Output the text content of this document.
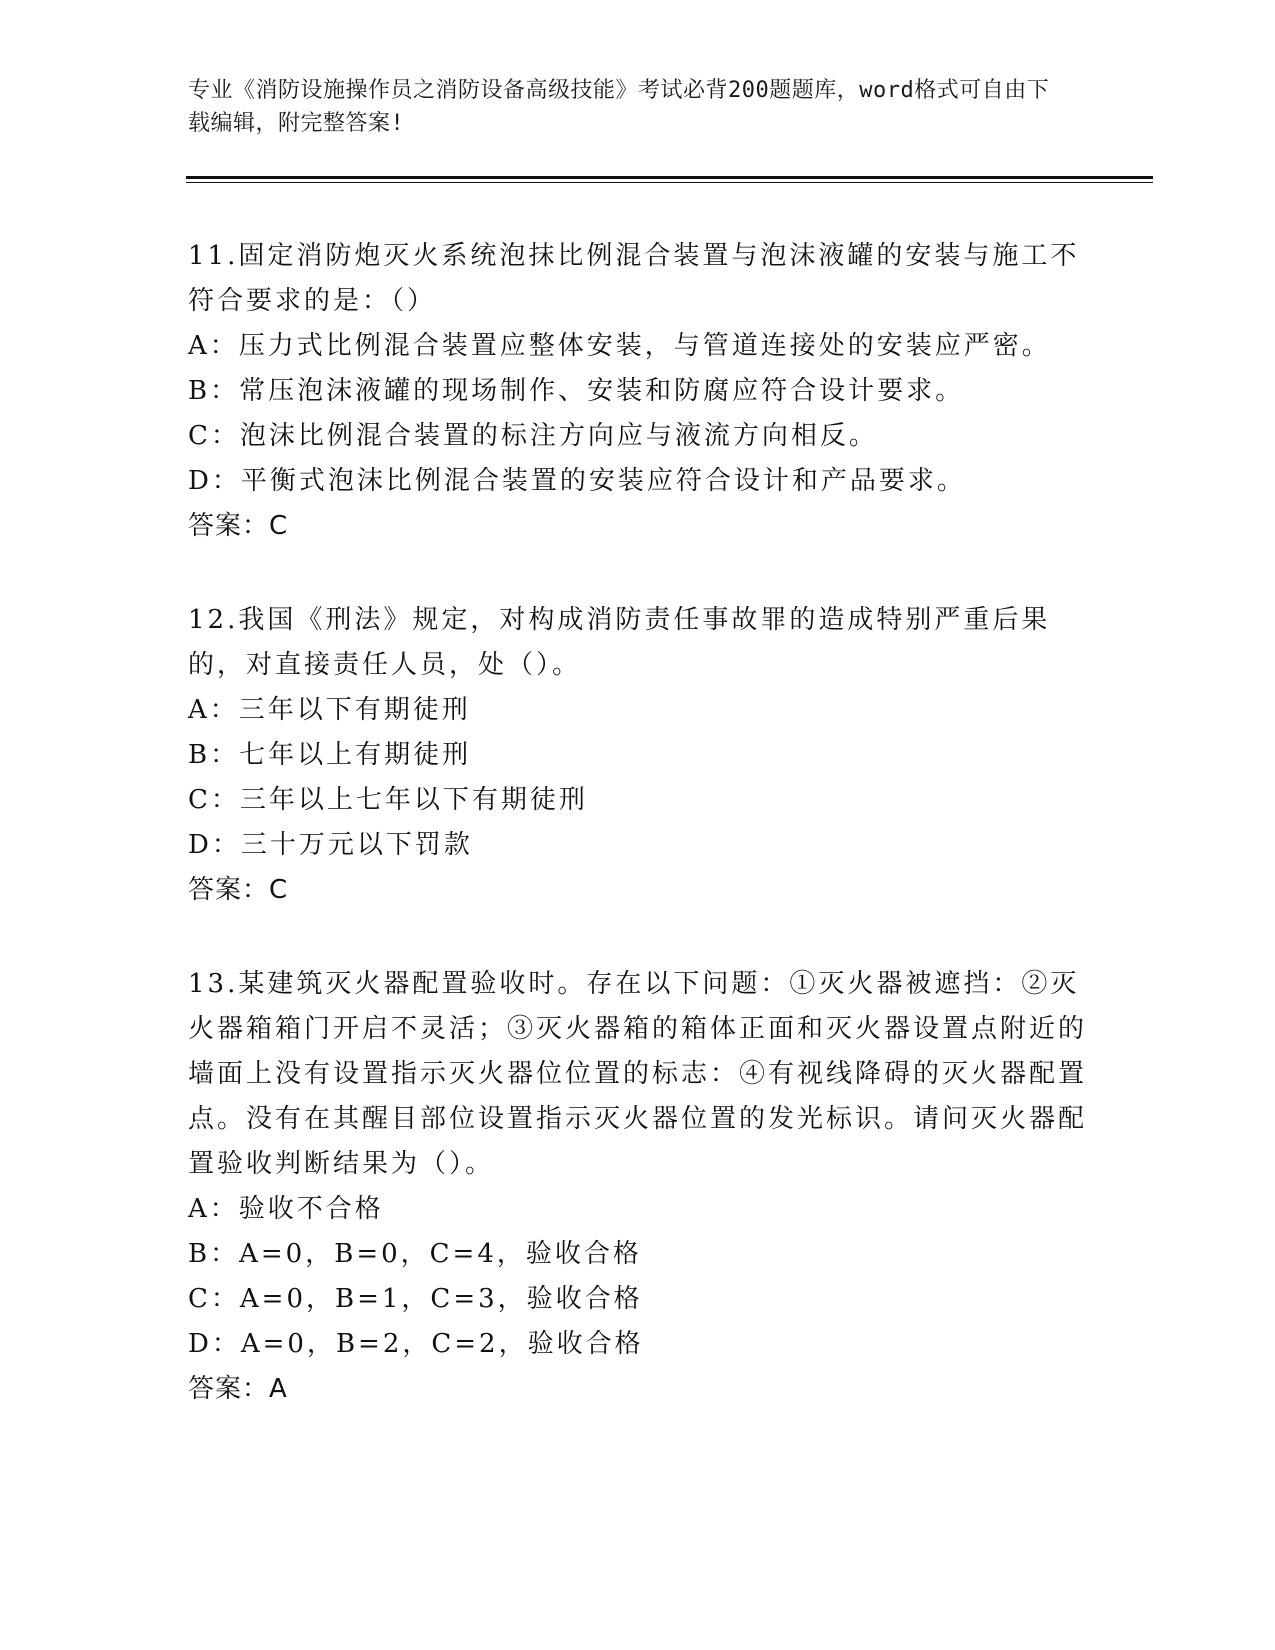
专业《消防设施操作员之消防设备高级技能》考试必背200题题库，word格式可自由下载编辑，附完整答案!
11.固定消防炮灭火系统泡抹比例混合装置与泡沫液罐的安装与施工不符合要求的是：（）
A：压力式比例混合装置应整体安装，与管道连接处的安装应严密。
B：常压泡沫液罐的现场制作、安装和防腐应符合设计要求。
C：泡沫比例混合装置的标注方向应与液流方向相反。
D：平衡式泡沫比例混合装置的安装应符合设计和产品要求。
答案：C
12.我国《刑法》规定，对构成消防责任事故罪的造成特别严重后果的，对直接责任人员，处（）。
A：三年以下有期徒刑
B：七年以上有期徒刑
C：三年以上七年以下有期徒刑
D：三十万元以下罚款
答案：C
13.某建筑灭火器配置验收时。存在以下问题：①灭火器被遮挡：②灭火器箱箱门开启不灵活；③灭火器箱的箱体正面和灭火器设置点附近的墙面上没有设置指示灭火器位位置的标志：④有视线降碍的灭火器配置点。没有在其醒目部位设置指示灭火器位置的发光标识。请问灭火器配置验收判断结果为（）。
A：验收不合格
B：A=0，B=0，C=4，验收合格
C：A=0，B=1，C=3，验收合格
D：A=0，B=2，C=2，验收合格
答案：A
